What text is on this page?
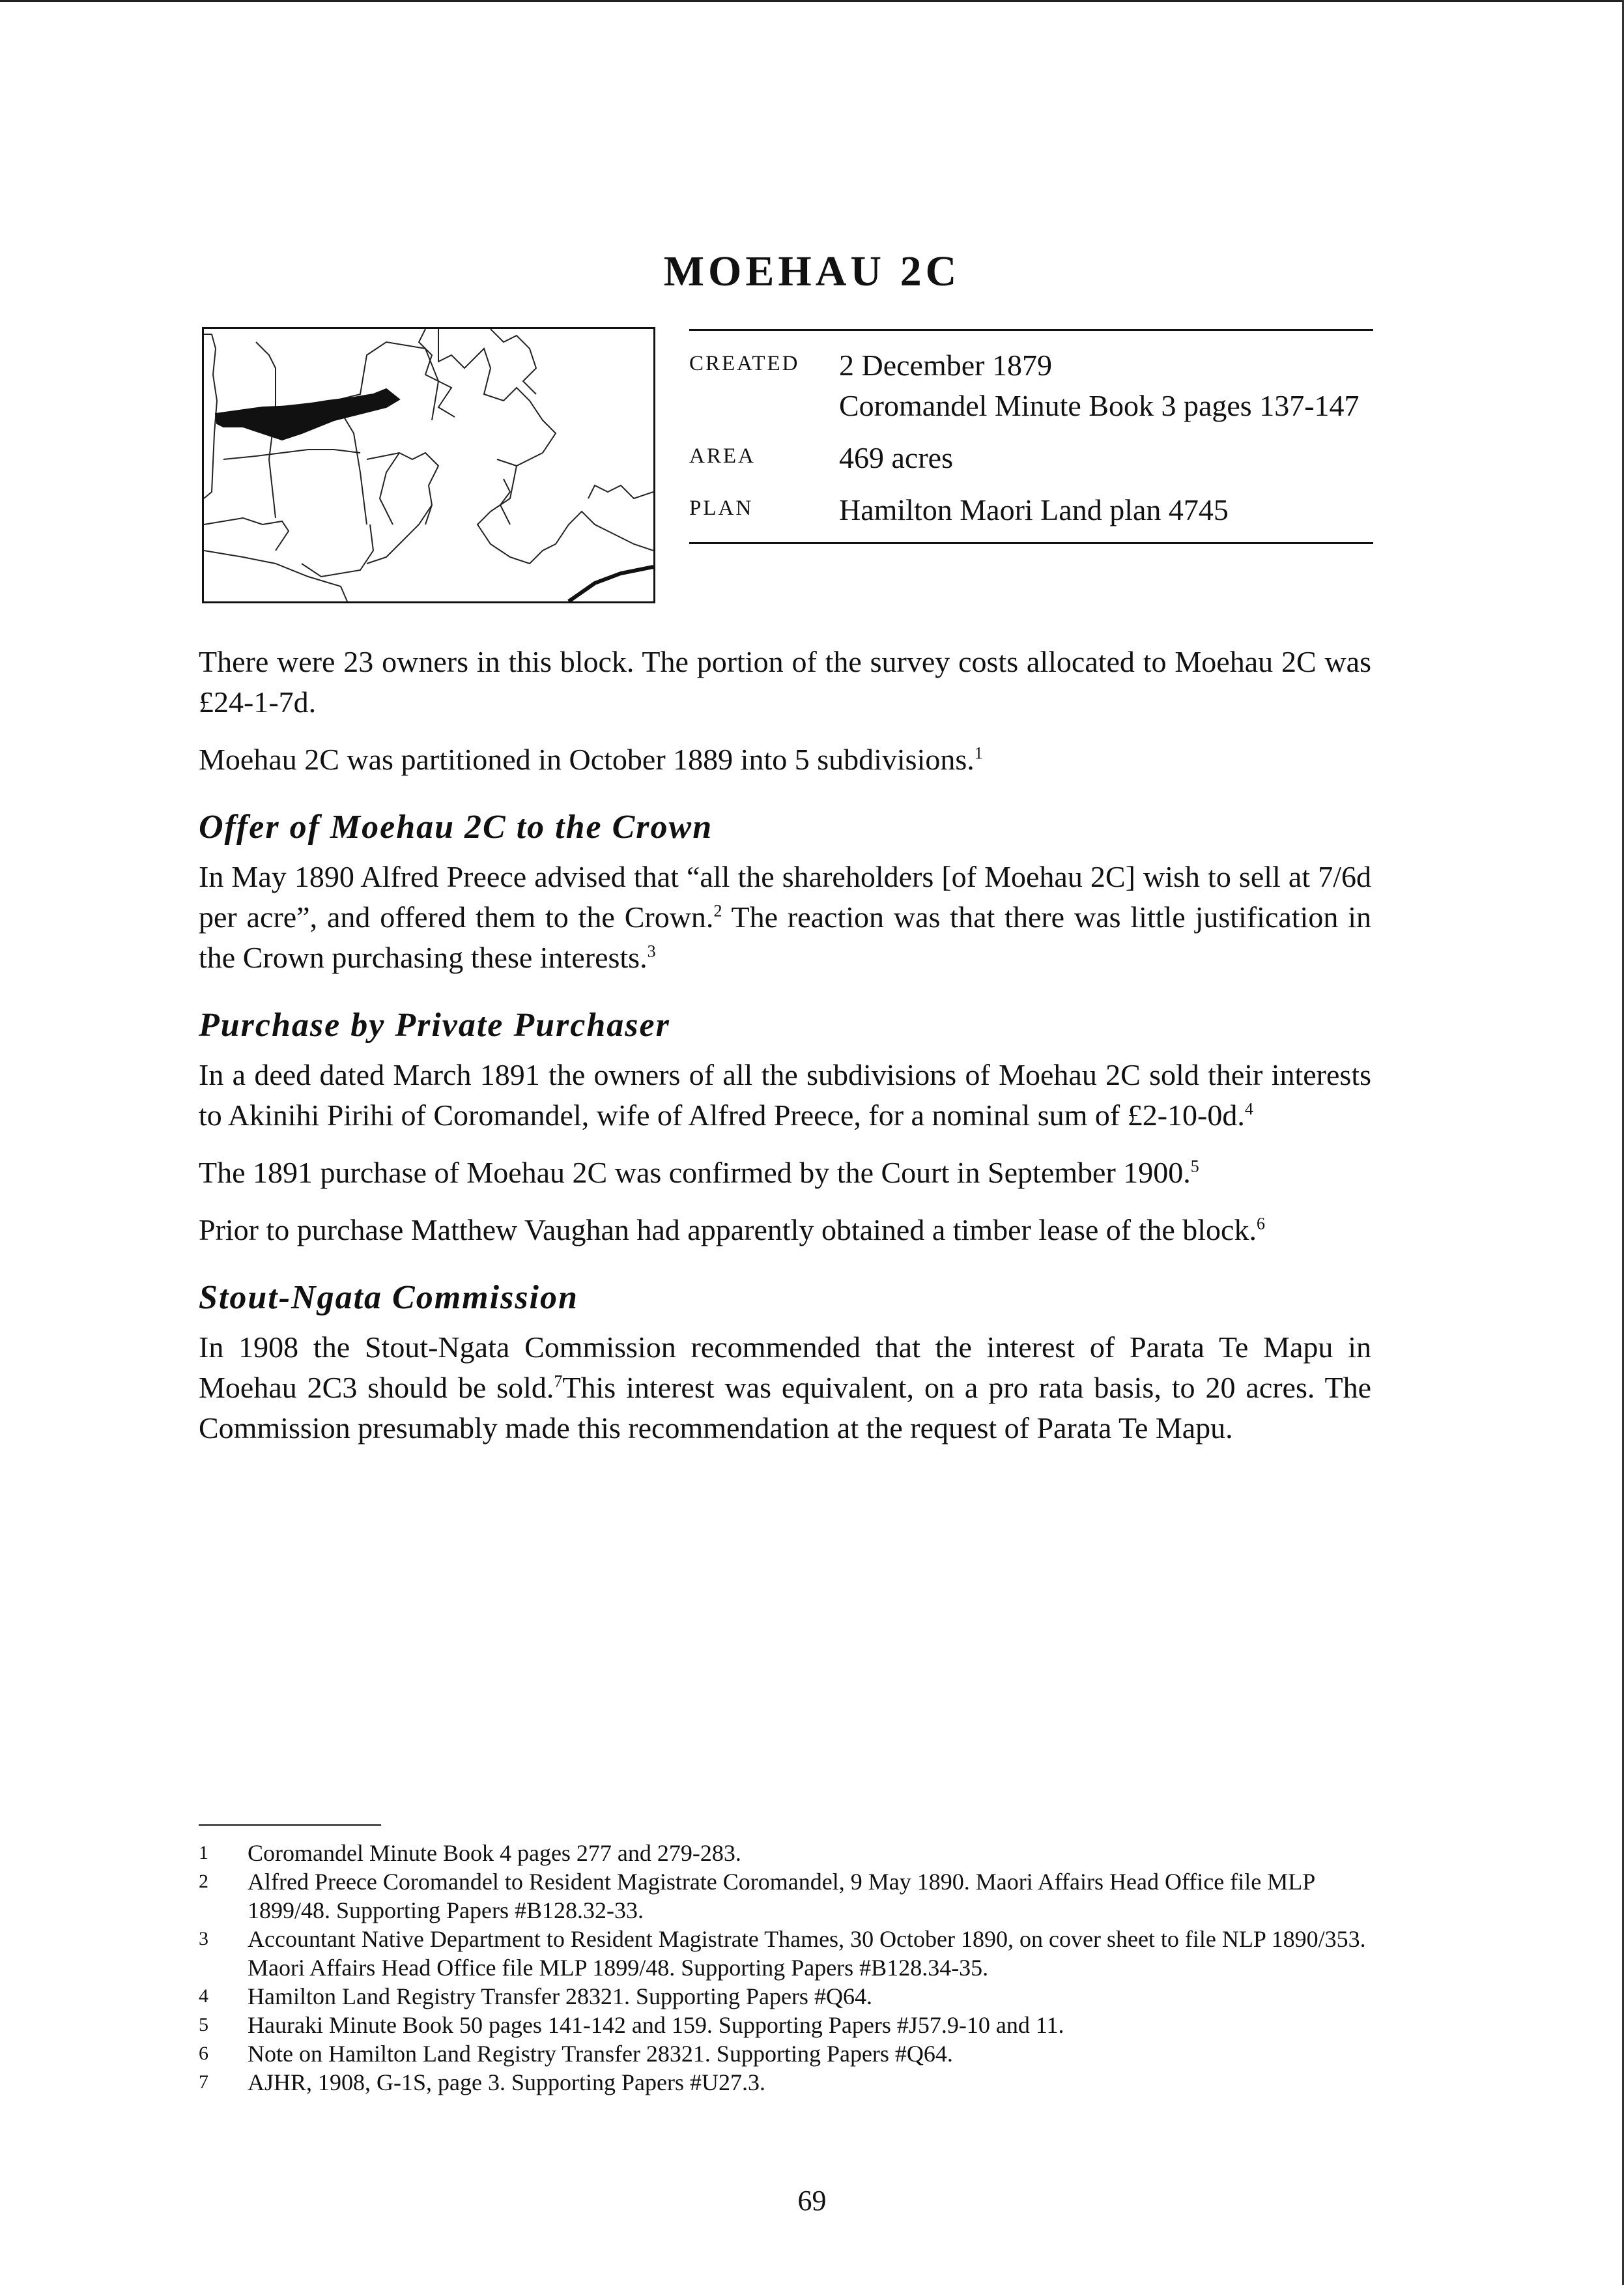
MOEHAU 2C
CREATED	2 December 1879
Coromandel Minute Book 3 pages 137-147
AREA	469 acres
PLAN	Hamilton Maori Land plan 4745

There were 23 owners in this block. The portion of the survey costs allocated to Moehau 2C was £24-1-7d.

Moehau 2C was partitioned in October 1889 into 5 subdivisions.$^1$

Offer of Moehau 2C to the Crown

In May 1890 Alfred Preece advised that “all the shareholders [of Moehau 2C] wish to sell at 7/6d per acre”, and offered them to the Crown.$^2$ The reaction was that there was little justification in the Crown purchasing these interests.$^3$

Purchase by Private Purchaser

In a deed dated March 1891 the owners of all the subdivisions of Moehau 2C sold their interests to Akinihi Pirihi of Coromandel, wife of Alfred Preece, for a nominal sum of £2-10-0d.$^4$

The 1891 purchase of Moehau 2C was confirmed by the Court in September 1900.$^5$

Prior to purchase Matthew Vaughan had apparently obtained a timber lease of the block.$^6$

Stout-Ngata Commission

In 1908 the Stout-Ngata Commission recommended that the interest of Parata Te Mapu in Moehau 2C3 should be sold.$^7$This interest was equivalent, on a pro rata basis, to 20 acres. The Commission presumably made this recommendation at the request of Parata Te Mapu.

1	Coromandel Minute Book 4 pages 277 and 279-283.
2	Alfred Preece Coromandel to Resident Magistrate Coromandel, 9 May 1890. Maori Affairs Head Office file MLP 1899/48. Supporting Papers #B128.32-33.
3	Accountant Native Department to Resident Magistrate Thames, 30 October 1890, on cover sheet to file NLP 1890/353. Maori Affairs Head Office file MLP 1899/48. Supporting Papers #B128.34-35.
4	Hamilton Land Registry Transfer 28321. Supporting Papers #Q64.
5	Hauraki Minute Book 50 pages 141-142 and 159. Supporting Papers #J57.9-10 and 11.
6	Note on Hamilton Land Registry Transfer 28321. Supporting Papers #Q64.
7	AJHR, 1908, G-1S, page 3. Supporting Papers #U27.3.
69
